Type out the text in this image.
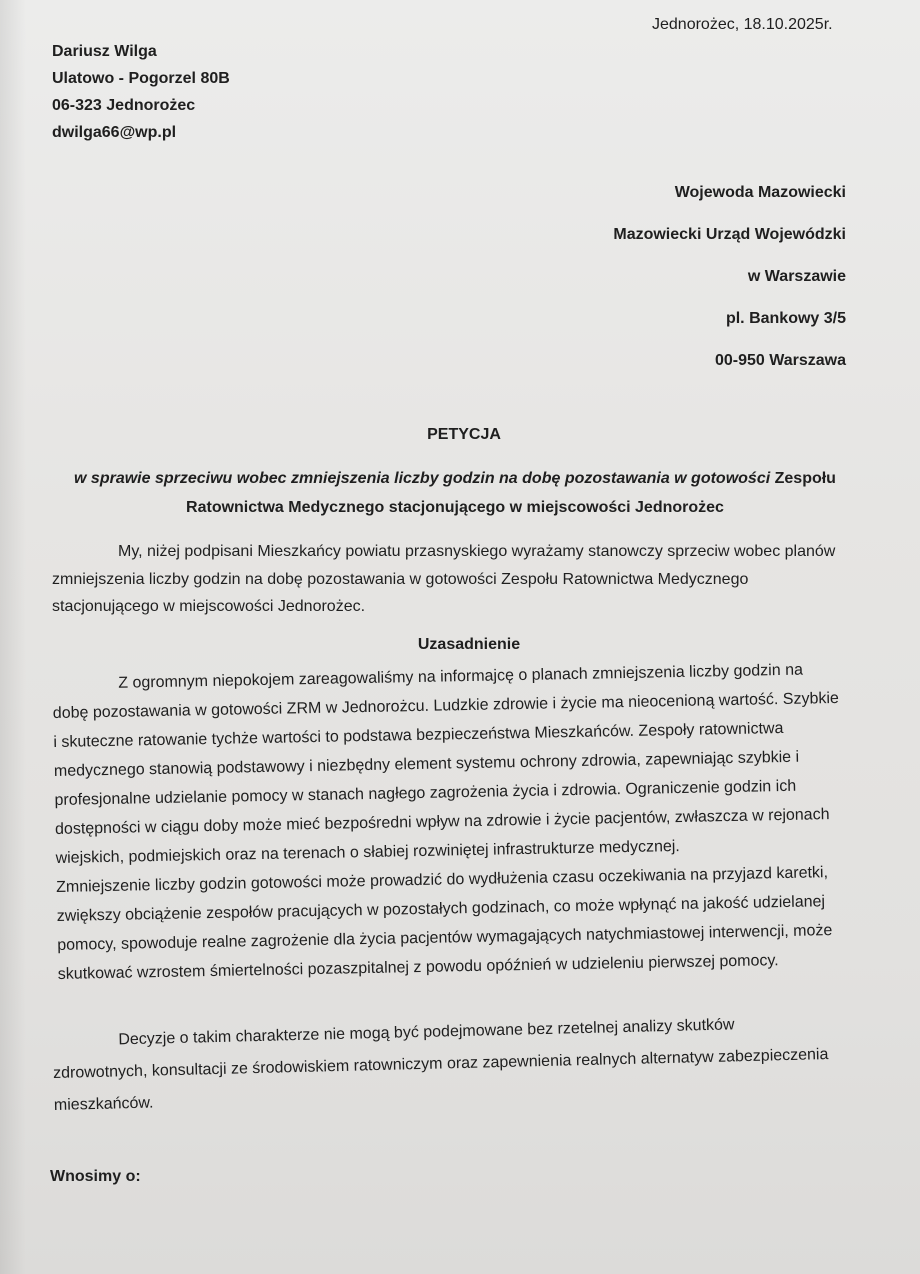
Jednorożec, 18.10.2025r.
Dariusz Wilga
Ulatowo - Pogorzel 80B
06-323 Jednorożec
dwilga66@wp.pl
Wojewoda Mazowiecki
Mazowiecki Urząd Wojewódzki
w Warszawie
pl. Bankowy 3/5
00-950 Warszawa
PETYCJA
w sprawie sprzeciwu wobec zmniejszenia liczby godzin na dobę pozostawania w gotowości Zespołu Ratownictwa Medycznego stacjonującego w miejscowości Jednorożec
My, niżej podpisani Mieszkańcy powiatu przasnyskiego wyrażamy stanowczy sprzeciw wobec planów zmniejszenia liczby godzin na dobę pozostawania w gotowości Zespołu Ratownictwa Medycznego stacjonującego w miejscowości Jednorożec.
Uzasadnienie
Z ogromnym niepokojem zareagowaliśmy na informajcę o planach zmniejszenia liczby godzin na dobę pozostawania w gotowości ZRM w Jednorożcu. Ludzkie zdrowie i życie ma nieocenioną wartość. Szybkie i skuteczne ratowanie tychże wartości to podstawa bezpieczeństwa Mieszkańców. Zespoły ratownictwa medycznego stanowią podstawowy i niezbędny element systemu ochrony zdrowia, zapewniając szybkie i profesjonalne udzielanie pomocy w stanach nagłego zagrożenia życia i zdrowia. Ograniczenie godzin ich dostępności w ciągu doby może mieć bezpośredni wpływ na zdrowie i życie pacjentów, zwłaszcza w rejonach wiejskich, podmiejskich oraz na terenach o słabiej rozwiniętej infrastrukturze medycznej.
Zmniejszenie liczby godzin gotowości może prowadzić do wydłużenia czasu oczekiwania na przyjazd karetki, zwiększy obciążenie zespołów pracujących w pozostałych godzinach, co może wpłynąć na jakość udzielanej pomocy, spowoduje realne zagrożenie dla życia pacjentów wymagających natychmiastowej interwencji, może skutkować wzrostem śmiertelności pozaszpitalnej z powodu opóźnień w udzieleniu pierwszej pomocy.
Decyzje o takim charakterze nie mogą być podejmowane bez rzetelnej analizy skutków zdrowotnych, konsultacji ze środowiskiem ratowniczym oraz zapewnienia realnych alternatyw zabezpieczenia mieszkańców.
Wnosimy o:
